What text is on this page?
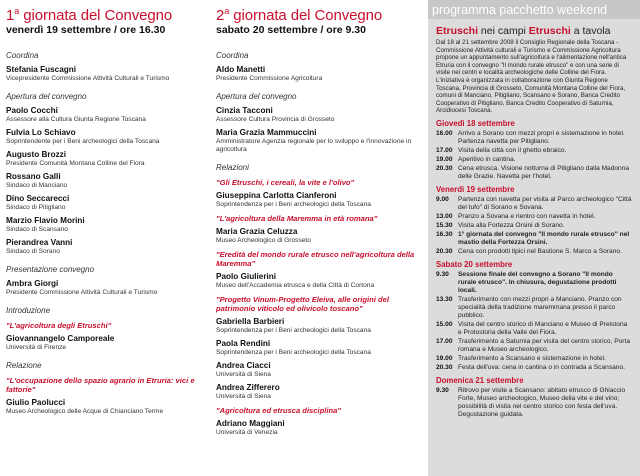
1$^a$ giornata del Convegno
venerdì 19 settembre / ore 16.30
Coordina
Stefania Fuscagni
Vicepresidente Commissione Attività Culturali e Turismo
Apertura del convegno
Paolo Cocchi
Assessore alla Cultura Giunta Regione Toscana
Fulvia Lo Schiavo
Soprintendente per i Beni archeologici della Toscana
Augusto Brozzi
Presidente Comunità Montana Colline del Fiora
Rossano Galli
Sindaco di Manciano
Dino Seccarecci
Sindaco di Pitigliano
Marzio Flavio Morini
Sindaco di Scansano
Pierandrea Vanni
Sindaco di Sorano
Presentazione convegno
Ambra Giorgi
Presidente Commissione Attività Culturali e Turismo
Introduzione
"L'agricoltura degli Etruschi"
Giovannangelo Camporeale
Università di Firenze
Relazione
"L'occupazione dello spazio agrario in Etruria: vici e fattorie"
Giulio Paolucci
Museo Archeologico delle Acque di Chianciano Terme
2$^a$ giornata del Convegno
sabato 20 settembre / ore 9.30
Coordina
Aldo Manetti
Presidente Commissione Agricoltura
Apertura del convegno
Cinzia Tacconi
Assessore Cultura Provincia di Grosseto
Maria Grazia Mammuccini
Amministratore Agenzia regionale per lo sviluppo e l'innovazione in agricoltura
Relazioni
"Gli Etruschi, i cereali, la vite e l'olivo"
Giuseppina Carlotta Cianferoni
Soprintendenza per i Beni archeologici della Toscana
"L'agricoltura della Maremma in età romana"
Maria Grazia Celuzza
Museo Archeologico di Grosseto
"Eredità del mondo rurale etrusco nell'agricoltura della Maremma"
Paolo Giulierini
Museo dell'Accademia etrusca e della Città di Cortona
"Progetto Vinum-Progetto Eleiva, alle origini del patrimonio viticolo ed olivicolo toscano"
Gabriella Barbieri
Soprintendenza per i Beni archeologici della Toscana
Paola Rendini
Soprintendenza per i Beni archeologici della Toscana
Andrea Ciacci
Università di Siena
Andrea Zifferero
Università di Siena
"Agricoltura ed etrusca disciplina"
Adriano Maggiani
Università di Venezia
programma pacchetto weekend
Etruschi nei campi Etruschi a tavola
Dal 18 al 21 settembre 2008 il Consiglio Regionale della Toscana - Commissione Attività culturali e Turismo e Commissione Agricoltura propone un appuntamento sull'agricoltura e l'alimentazione nell'antica Etruria con il convegno "Il mondo rurale etrusco" e con una serie di visite nei centri e località archeologiche delle Colline del Fiora. L'iniziativa è organizzata in collaborazione con Giunta Regione Toscana, Provincia di Grosseto, Comunità Montana Colline del Fiora, comuni di Manciano, Pitigliano, Scansano e Sorano, Banca Credito Cooperativo di Pitigliano, Banca Credito Cooperativo di Saturnia, Arcidiocesi Toscana.
Giovedì 18 settembre
16.00 Arrivo a Sorano con mezzi propri e sistemazione in hotel. Partenza navetta per Pitigliano.
17.00 Visita della città con il ghetto ebraico.
19.00 Aperitivo in cantina.
20.30 Cena etrusca. Visione notturna di Pitigliano dalla Madonna delle Grazie. Navetta per l'hotel.
Venerdì 19 settembre
9.00 Partenza con navetta per visita al Parco archeologico "Città del tufo" di Sorano e Sovana.
13.00 Pranzo a Sovana e rientro con navetta in hotel.
15.30 Visita alla Fortezza Orsini di Sorano.
16.30 1° giornata del convegno "Il mondo rurale etrusco" nel mastio della Fortezza Orsini.
20.30 Cena con prodotti tipici nel Bastione S. Marco a Sorano.
Sabato 20 settembre
9.30 Sessione finale del convegno a Sorano "Il mondo rurale etrusco". In chiusura, degustazione prodotti locali.
13.30 Trasferimento con mezzi propri a Manciano. Pranzo con specialità della tradizione maremmana presso il parco pubblico.
15.00 Visita del centro storico di Manciano e Museo di Preistoria e Protostoria della Valle del Fiora.
17.00 Trasferimento a Saturnia per visita del centro storico, Porta romana e Museo archeologico.
19.00 Trasferimento a Scansano e sistemazione in hotel.
20.30 Festa dell'uva: cena in cantina o in contrada a Scansano.
Domenica 21 settembre
9.30 Ritrovo per visite a Scansano: abitato etrusco di Ghiaccio Forte, Museo archeologico, Museo della vite e del vino; possibilità di visita nel centro storico con festa dell'uva. Degustazione guidata.
